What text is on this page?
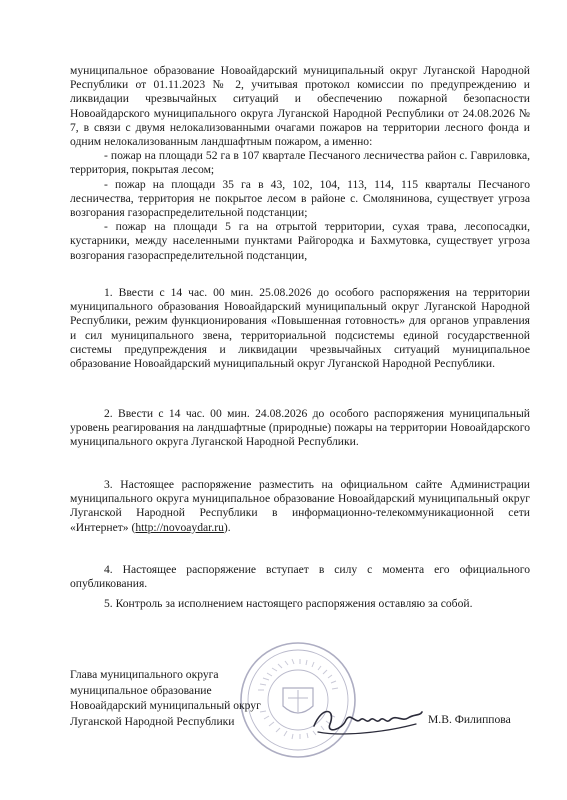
муниципальное образование Новоайдарский муниципальный округ Луганской Народной Республики от 01.11.2023 № 2, учитывая протокол комиссии по предупреждению и ликвидации чрезвычайных ситуаций и обеспечению пожарной безопасности Новоайдарского муниципального округа Луганской Народной Республики от 24.08.2026 № 7, в связи с двумя нелокализованными очагами пожаров на территории лесного фонда и одним нелокализованным ландшафтным пожаром, а именно:

- пожар на площади 52 га в 107 квартале Песчаного лесничества район с. Гавриловка, территория, покрытая лесом;

- пожар на площади 35 га в 43, 102, 104, 113, 114, 115 кварталы Песчаного лесничества, территория не покрытое лесом в районе с. Смолянинова, существует угроза возгорания газораспределительной подстанции;

- пожар на площади 5 га на отрытой территории, сухая трава, лесопосадки, кустарники, между населенными пунктами Райгородка и Бахмутовка, существует угроза возгорания газораспределительной подстанции,

1. Ввести с 14 час. 00 мин. 25.08.2026 до особого распоряжения на территории муниципального образования Новоайдарский муниципальный округ Луганской Народной Республики, режим функционирования «Повышенная готовность» для органов управления и сил муниципального звена, территориальной подсистемы единой государственной системы предупреждения и ликвидации чрезвычайных ситуаций муниципальное образование Новоайдарский муниципальный округ Луганской Народной Республики.

2. Ввести с 14 час. 00 мин. 24.08.2026 до особого распоряжения муниципальный уровень реагирования на ландшафтные (природные) пожары на территории Новоайдарского муниципального округа Луганской Народной Республики.

3. Настоящее распоряжение разместить на официальном сайте Администрации муниципального округа муниципальное образование Новоайдарский муниципальный округ Луганской Народной Республики в информационно-телекоммуникационной сети «Интернет» (http://novoaydar.ru).

4. Настоящее распоряжение вступает в силу с момента его официального опубликования.

5. Контроль за исполнением настоящего распоряжения оставляю за собой.

Глава муниципального округа
муниципальное образование
Новоайдарский муниципальный округ
Луганской Народной Республики	М.В. Филиппова
